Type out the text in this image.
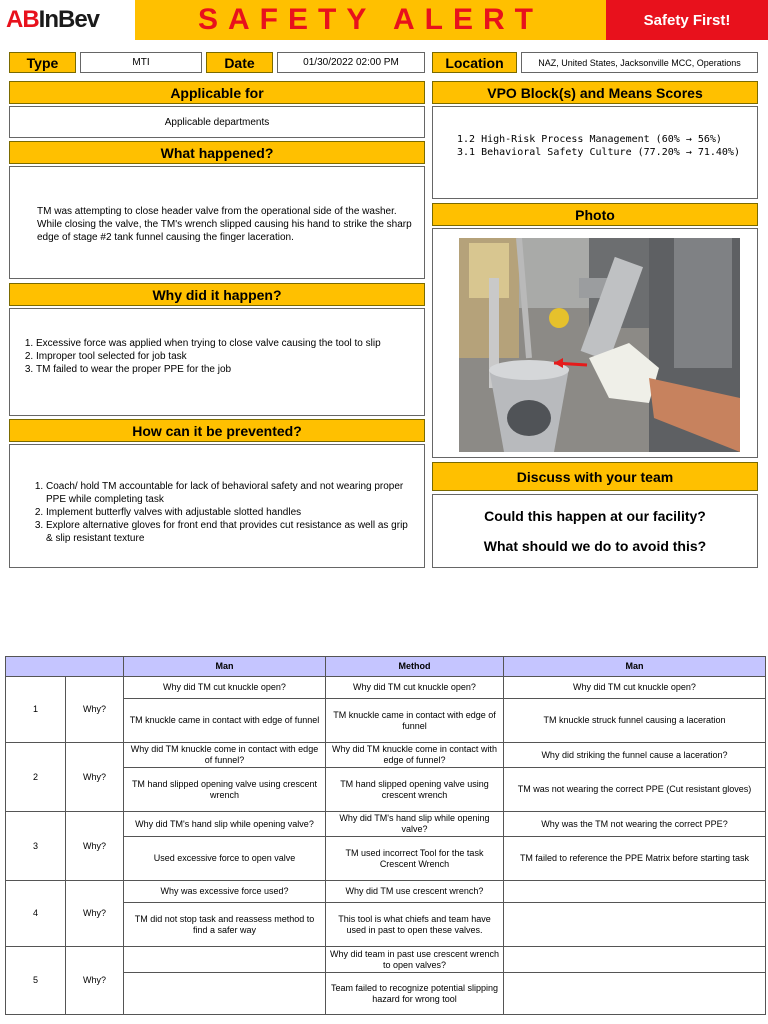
AB InBev	SAFETY ALERT	Safety First!
Type	MTI	Date	01/30/2022 02:00 PM	Location	NAZ, United States, Jacksonville MCC, Operations
Applicable for
Applicable departments
What happened?
TM was attempting to close header valve from the operational side of the washer. While closing the valve, the TM's wrench slipped causing his hand to strike the sharp edge of stage #2 tank funnel causing the finger laceration.
Why did it happen?
1. Excessive force was applied when trying to close valve causing the tool to slip
2. Improper tool selected for job task
3. TM failed to wear the proper PPE for the job
How can it be prevented?
1. Coach/ hold TM accountable for lack of behavioral safety and not wearing proper PPE while completing task
2. Implement butterfly valves with adjustable slotted handles
3. Explore alternative gloves for front end that provides cut resistance as well as grip & slip resistant texture
VPO Block(s) and Means Scores
1.2 High-Risk Process Management (60% → 56%)
3.1 Behavioral Safety Culture (77.20% → 71.40%)
Photo
Discuss with your team
Could this happen at our facility?
What should we do to avoid this?
		Man	Method	Man
1	Why?	Why did TM cut knuckle open?	Why did TM cut knuckle open?	Why did TM cut knuckle open?
		TM knuckle came in contact with edge of funnel	TM knuckle came in contact with edge of funnel	TM knuckle struck funnel causing a laceration
2	Why?	Why did TM knuckle come in contact with edge of funnel?	Why did TM knuckle come in contact with edge of funnel?	Why did striking the funnel cause a laceration?
		TM hand slipped opening valve using crescent wrench	TM hand slipped opening valve using crescent wrench	TM was not wearing the correct PPE (Cut resistant gloves)
3	Why?	Why did TM's hand slip while opening valve?	Why did TM's hand slip while opening valve?	Why was the TM not wearing the correct PPE?
		Used excessive force to open valve	TM used incorrect Tool for the task Crescent Wrench	TM failed to reference the PPE Matrix before starting task
4	Why?	Why was excessive force used?	Why did TM use crescent wrench?	
		TM did not stop task and reassess method to find a safer way	This tool is what chiefs and team have used in past to open these valves.	
5	Why?		Why did team in past use crescent wrench to open valves?	
			Team failed to recognize potential slipping hazard for wrong tool	
